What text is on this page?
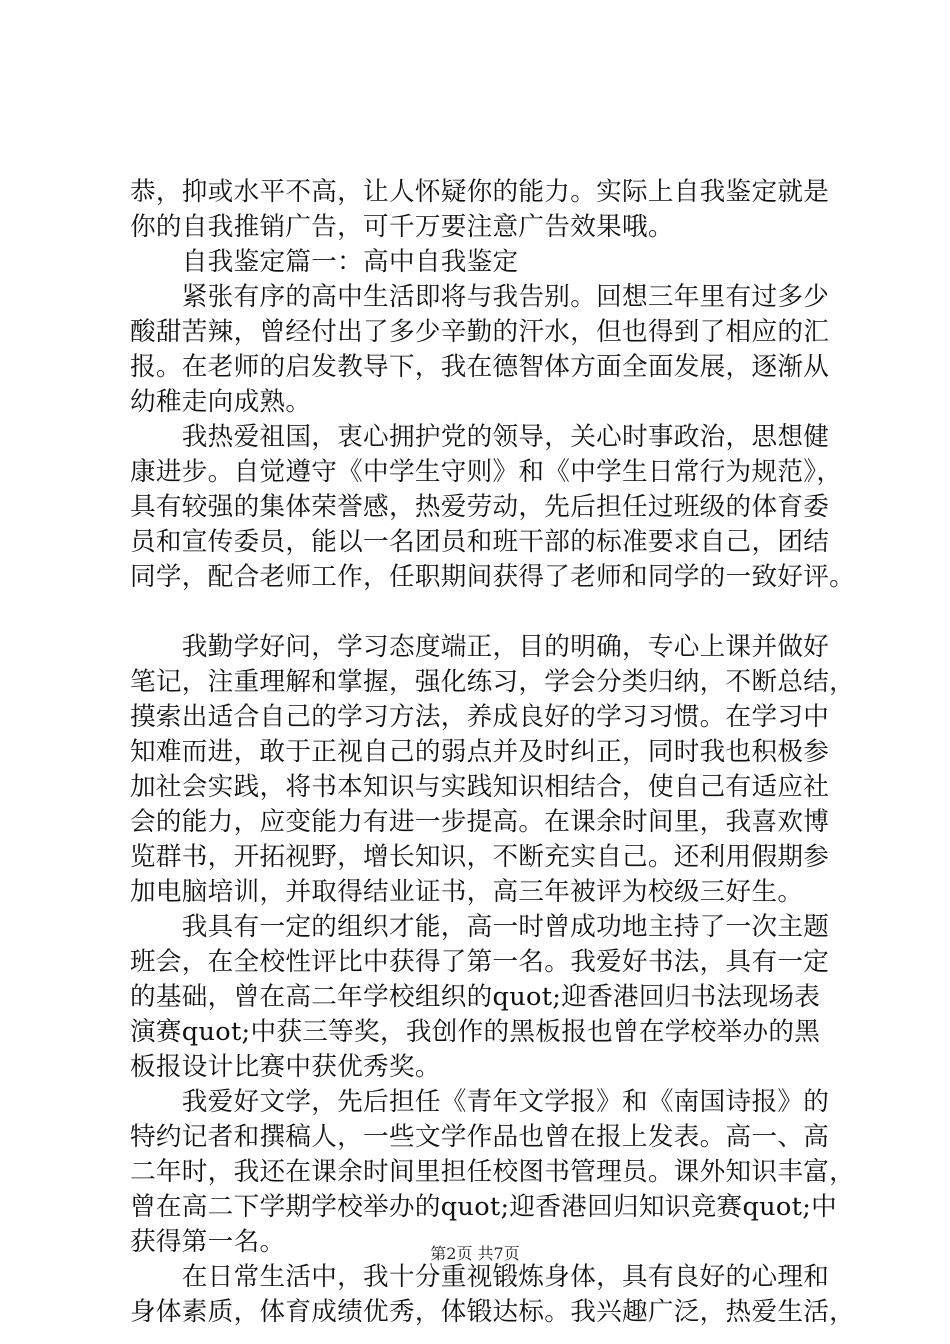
恭，抑或水平不高，让人怀疑你的能力。实际上自我鉴定就是
你的自我推销广告，可千万要注意广告效果哦。
　　自我鉴定篇一：高中自我鉴定
　　紧张有序的高中生活即将与我告别。回想三年里有过多少
酸甜苦辣，曾经付出了多少辛勤的汗水，但也得到了相应的汇
报。在老师的启发教导下，我在德智体方面全面发展，逐渐从
幼稚走向成熟。
　　我热爱祖国，衷心拥护党的领导，关心时事政治，思想健
康进步。自觉遵守《中学生守则》和《中学生日常行为规范》，
具有较强的集体荣誉感，热爱劳动，先后担任过班级的体育委
员和宣传委员，能以一名团员和班干部的标准要求自己，团结
同学，配合老师工作，任职期间获得了老师和同学的一致好评。
　　我勤学好问，学习态度端正，目的明确，专心上课并做好
笔记，注重理解和掌握，强化练习，学会分类归纳，不断总结，
摸索出适合自己的学习方法，养成良好的学习习惯。在学习中
知难而进，敢于正视自己的弱点并及时纠正，同时我也积极参
加社会实践，将书本知识与实践知识相结合，使自己有适应社
会的能力，应变能力有进一步提高。在课余时间里，我喜欢博
览群书，开拓视野，增长知识，不断充实自己。还利用假期参
加电脑培训，并取得结业证书，高三年被评为校级三好生。
　　我具有一定的组织才能，高一时曾成功地主持了一次主题
班会，在全校性评比中获得了第一名。我爱好书法，具有一定
的基础，曾在高二年学校组织的quot;迎香港回归书法现场表
演赛quot;中获三等奖，我创作的黑板报也曾在学校举办的黑
板报设计比赛中获优秀奖。
　　我爱好文学，先后担任《青年文学报》和《南国诗报》的
特约记者和撰稿人，一些文学作品也曾在报上发表。高一、高
二年时，我还在课余时间里担任校图书管理员。课外知识丰富，
曾在高二下学期学校举办的quot;迎香港回归知识竞赛quot;中
获得第一名。
　　在日常生活中，我十分重视锻炼身体，具有良好的心理和
身体素质，体育成绩优秀，体锻达标。我兴趣广泛，热爱生活，
第2页 共7页
